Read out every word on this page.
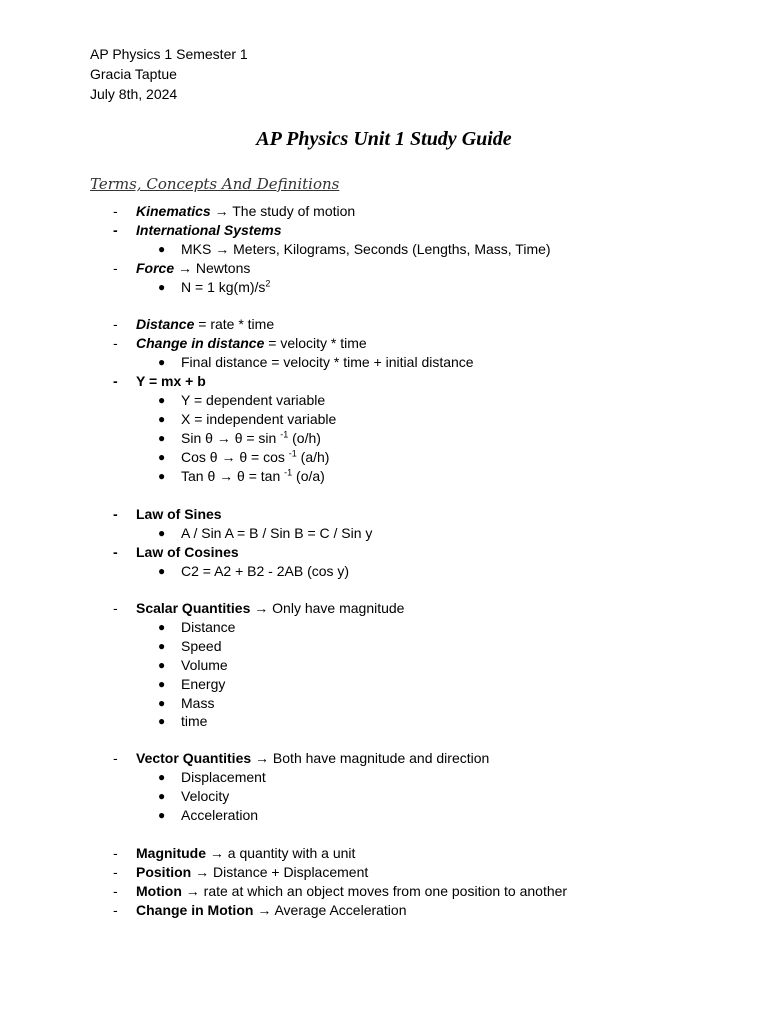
AP Physics 1 Semester 1
Gracia Taptue
July 8th, 2024
AP Physics Unit 1 Study Guide
Terms, Concepts And Definitions
-	Kinematics → The study of motion
-	International Systems
● MKS → Meters, Kilograms, Seconds (Lengths, Mass, Time)
-	Force → Newtons
● N = 1 $kg(m)/s^2$
-	Distance = rate * time
-	Change in distance = velocity * time
● Final distance = velocity * time + initial distance
-	Y = mx + b
● Y = dependent variable
● X = independent variable
● Sin θ → θ = sin $^{-1}$ (o/h)
● Cos θ → θ = cos $^{-1}$ (a/h)
● Tan θ → θ = tan $^{-1}$ (o/a)
-	Law of Sines
● A / Sin A = B / Sin B = C / Sin y
-	Law of Cosines
● C2 = A2 + B2 - 2AB (cos y)
-	Scalar Quantities → Only have magnitude
● Distance
● Speed
● Volume
● Energy
● Mass
● time
-	Vector Quantities → Both have magnitude and direction
● Displacement
● Velocity
● Acceleration
-	Magnitude → a quantity with a unit
-	Position → Distance + Displacement
-	Motion → rate at which an object moves from one position to another
-	Change in Motion → Average Acceleration
